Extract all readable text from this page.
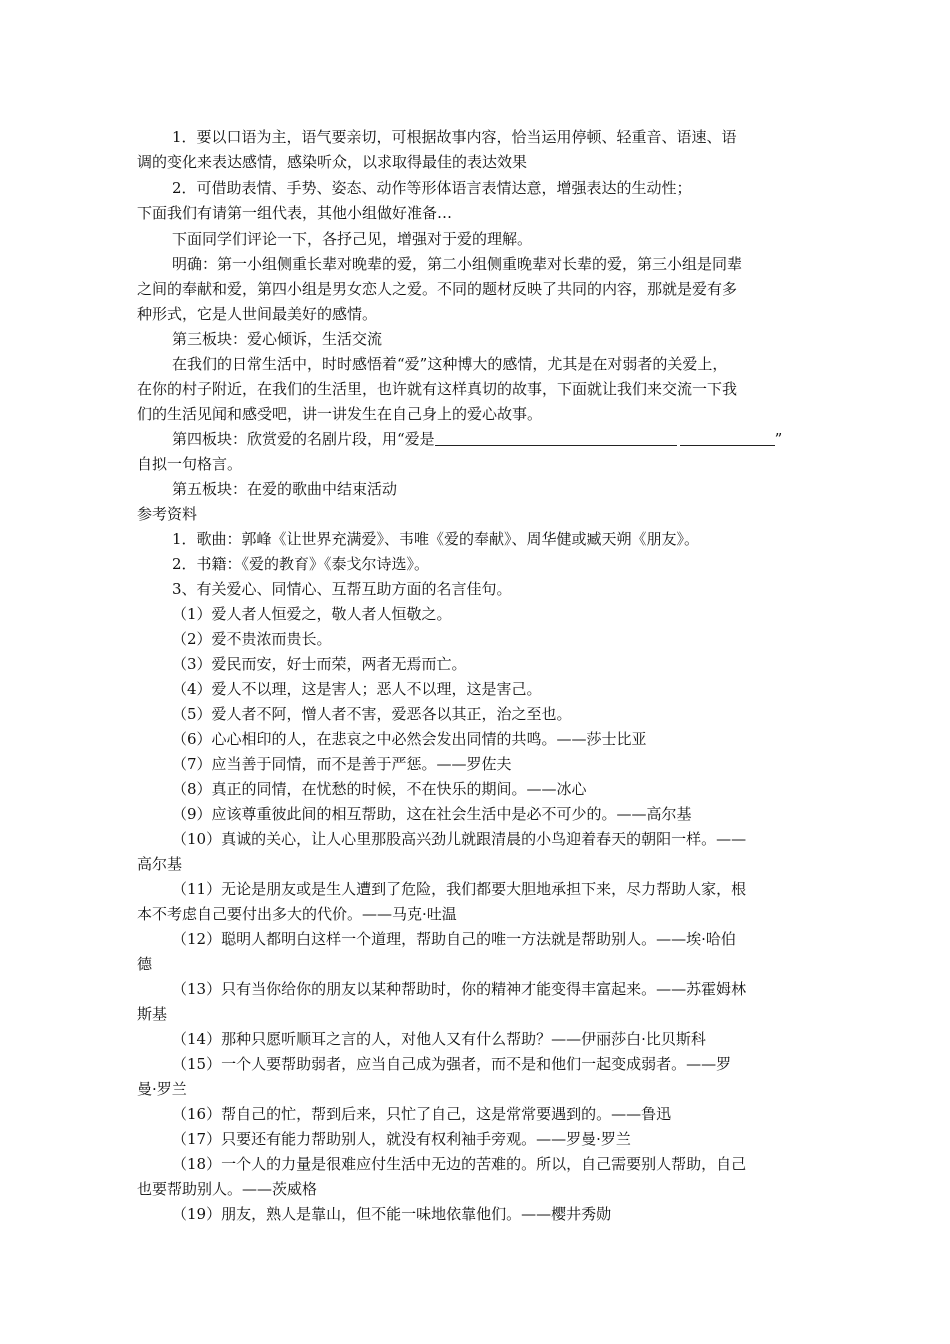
1．要以口语为主，语气要亲切，可根据故事内容，恰当运用停顿、轻重音、语速、语
调的变化来表达感情，感染听众，以求取得最佳的表达效果
2．可借助表情、手势、姿态、动作等形体语言表情达意，增强表达的生动性；
下面我们有请第一组代表，其他小组做好准备…
下面同学们评论一下，各抒己见，增强对于爱的理解。
明确：第一小组侧重长辈对晚辈的爱，第二小组侧重晚辈对长辈的爱，第三小组是同辈
之间的奉献和爱，第四小组是男女恋人之爱。不同的题材反映了共同的内容，那就是爱有多
种形式，它是人世间最美好的感情。
第三板块：爱心倾诉，生活交流
在我们的日常生活中，时时感悟着“爱”这种博大的感情，尤其是在对弱者的关爱上，
在你的村子附近，在我们的生活里，也许就有这样真切的故事，下面就让我们来交流一下我
们的生活见闻和感受吧，讲一讲发生在自己身上的爱心故事。
第四板块：欣赏爱的名剧片段，用“爱是	”
自拟一句格言。
第五板块：在爱的歌曲中结束活动
参考资料
1．歌曲：郭峰《让世界充满爱》、韦唯《爱的奉献》、周华健或臧天朔《朋友》。
2．书籍：《爱的教育》《泰戈尔诗选》。
3、有关爱心、同情心、互帮互助方面的名言佳句。
（1）爱人者人恒爱之，敬人者人恒敬之。
（2）爱不贵浓而贵长。
（3）爱民而安，好士而荣，两者无焉而亡。
（4）爱人不以理，这是害人；恶人不以理，这是害己。
（5）爱人者不阿，憎人者不害，爱恶各以其正，治之至也。
（6）心心相印的人，在悲哀之中必然会发出同情的共鸣。——莎士比亚
（7）应当善于同情，而不是善于严惩。——罗佐夫
（8）真正的同情，在忧愁的时候，不在快乐的期间。——冰心
（9）应该尊重彼此间的相互帮助，这在社会生活中是必不可少的。——高尔基
（10）真诚的关心，让人心里那股高兴劲儿就跟清晨的小鸟迎着春天的朝阳一样。——
高尔基
（11）无论是朋友或是生人遭到了危险，我们都要大胆地承担下来，尽力帮助人家，根
本不考虑自己要付出多大的代价。——马克·吐温
（12）聪明人都明白这样一个道理，帮助自己的唯一方法就是帮助别人。——埃·哈伯
德
（13）只有当你给你的朋友以某种帮助时，你的精神才能变得丰富起来。——苏霍姆林
斯基
（14）那种只愿听顺耳之言的人，对他人又有什么帮助？——伊丽莎白·比贝斯科
（15）一个人要帮助弱者，应当自己成为强者，而不是和他们一起变成弱者。——罗
曼·罗兰
（16）帮自己的忙，帮到后来，只忙了自己，这是常常要遇到的。——鲁迅
（17）只要还有能力帮助别人，就没有权利袖手旁观。——罗曼·罗兰
（18）一个人的力量是很难应付生活中无边的苦难的。所以，自己需要别人帮助，自己
也要帮助别人。——茨威格
（19）朋友，熟人是靠山，但不能一味地依靠他们。——樱井秀勋
